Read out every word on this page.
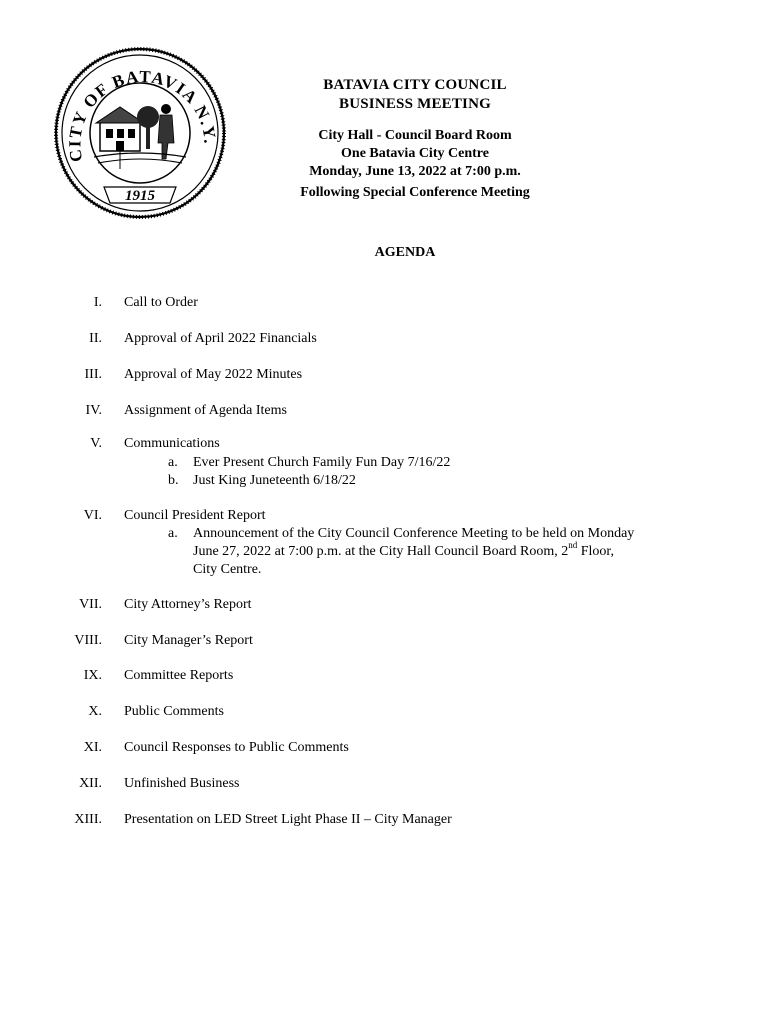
CITY OF BATAVIA N.Y.
1915
BATAVIA CITY COUNCIL
BUSINESS MEETING
City Hall - Council Board Room
One Batavia City Centre
Monday, June 13, 2022 at 7:00 p.m.
Following Special Conference Meeting
AGENDA
I. Call to Order
II. Approval of April 2022 Financials
III. Approval of May 2022 Minutes
IV. Assignment of Agenda Items
V. Communications
a.	Ever Present Church Family Fun Day 7/16/22
b.	Just King Juneteenth 6/18/22
VI. Council President Report
a.	Announcement of the City Council Conference Meeting to be held on Monday
June 27, 2022 at 7:00 p.m. at the City Hall Council Board Room, 2nd Floor,
City Centre.
VII. City Attorney’s Report
VIII. City Manager’s Report
IX. Committee Reports
X. Public Comments
XI. Council Responses to Public Comments
XII. Unfinished Business
XIII. Presentation on LED Street Light Phase II – City Manager
